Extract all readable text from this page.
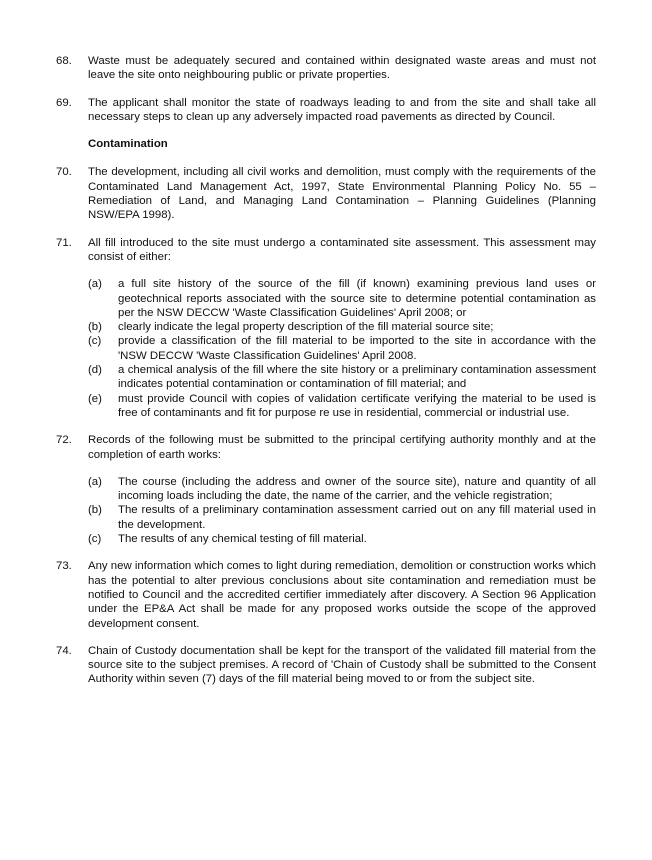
68.	Waste must be adequately secured and contained within designated waste areas and must not leave the site onto neighbouring public or private properties.
69.	The applicant shall monitor the state of roadways leading to and from the site and shall take all necessary steps to clean up any adversely impacted road pavements as directed by Council.
Contamination
70.	The development, including all civil works and demolition, must comply with the requirements of the Contaminated Land Management Act, 1997, State Environmental Planning Policy No. 55 – Remediation of Land, and Managing Land Contamination – Planning Guidelines (Planning NSW/EPA 1998).
71.	All fill introduced to the site must undergo a contaminated site assessment. This assessment may consist of either:
(a)	a full site history of the source of the fill (if known) examining previous land uses or geotechnical reports associated with the source site to determine potential contamination as per the NSW DECCW 'Waste Classification Guidelines' April 2008; or
(b)	clearly indicate the legal property description of the fill material source site;
(c)	provide a classification of the fill material to be imported to the site in accordance with the 'NSW DECCW 'Waste Classification Guidelines' April 2008.
(d)	a chemical analysis of the fill where the site history or a preliminary contamination assessment indicates potential contamination or contamination of fill material; and
(e)	must provide Council with copies of validation certificate verifying the material to be used is free of contaminants and fit for purpose re use in residential, commercial or industrial use.
72.	Records of the following must be submitted to the principal certifying authority monthly and at the completion of earth works:
(a)	The course (including the address and owner of the source site), nature and quantity of all incoming loads including the date, the name of the carrier, and the vehicle registration;
(b)	The results of a preliminary contamination assessment carried out on any fill material used in the development.
(c)	The results of any chemical testing of fill material.
73.	Any new information which comes to light during remediation, demolition or construction works which has the potential to alter previous conclusions about site contamination and remediation must be notified to Council and the accredited certifier immediately after discovery. A Section 96 Application under the EP&A Act shall be made for any proposed works outside the scope of the approved development consent.
74.	Chain of Custody documentation shall be kept for the transport of the validated fill material from the source site to the subject premises. A record of 'Chain of Custody shall be submitted to the Consent Authority within seven (7) days of the fill material being moved to or from the subject site.
